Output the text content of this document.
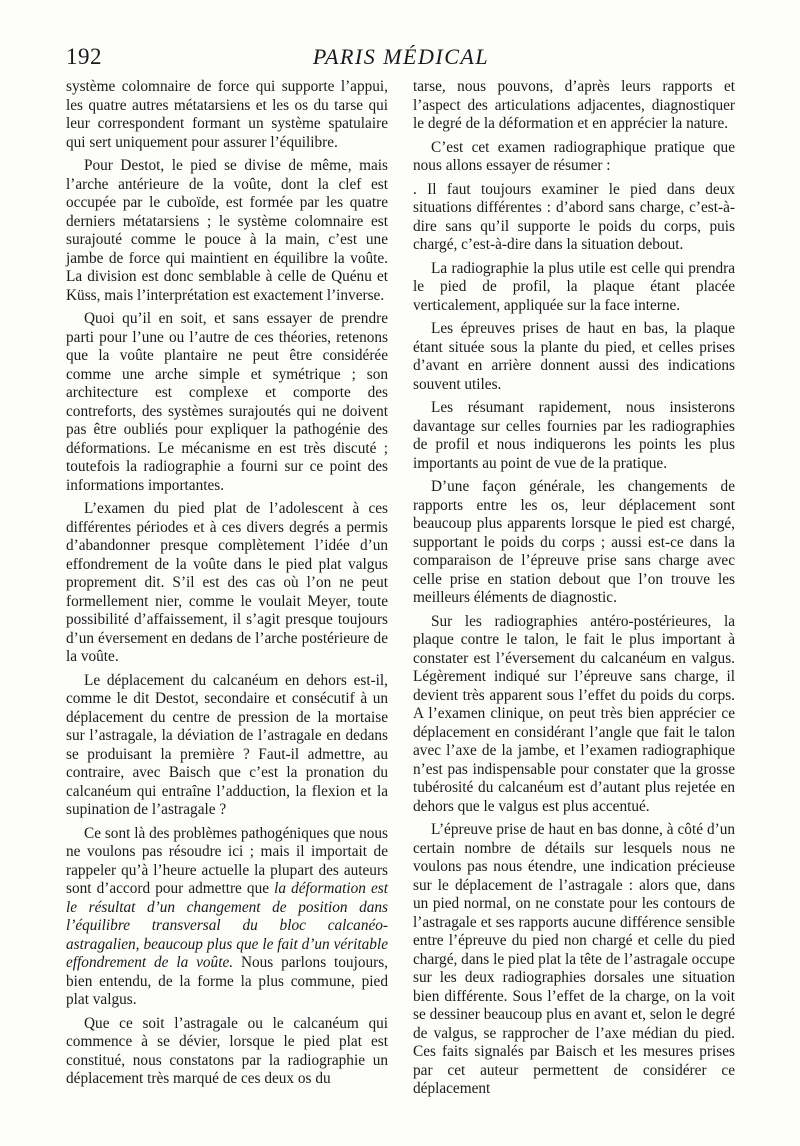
192	PARIS MÉDICAL

système colomnaire de force qui supporte l’appui, les quatre autres métatarsiens et les os du tarse qui leur correspondent formant un système spatulaire qui sert uniquement pour assurer l’équilibre.

Pour Destot, le pied se divise de même, mais l’arche antérieure de la voûte, dont la clef est occupée par le cuboïde, est formée par les quatre derniers métatarsiens ; le système colomnaire est surajouté comme le pouce à la main, c’est une jambe de force qui maintient en équilibre la voûte. La division est donc semblable à celle de Quénu et Küss, mais l’interprétation est exactement l’inverse.

Quoi qu’il en soit, et sans essayer de prendre parti pour l’une ou l’autre de ces théories, retenons que la voûte plantaire ne peut être considérée comme une arche simple et symétrique ; son architecture est complexe et comporte des contreforts, des systèmes surajoutés qui ne doivent pas être oubliés pour expliquer la pathogénie des déformations. Le mécanisme en est très discuté ; toutefois la radiographie a fourni sur ce point des informations importantes.

L’examen du pied plat de l’adolescent à ces différentes périodes et à ces divers degrés a permis d’abandonner presque complètement l’idée d’un effondrement de la voûte dans le pied plat valgus proprement dit. S’il est des cas où l’on ne peut formellement nier, comme le voulait Meyer, toute possibilité d’affaissement, il s’agit presque toujours d’un éversement en dedans de l’arche postérieure de la voûte.

Le déplacement du calcanéum en dehors est-il, comme le dit Destot, secondaire et consécutif à un déplacement du centre de pression de la mortaise sur l’astragale, la déviation de l’astragale en dedans se produisant la première ? Faut-il admettre, au contraire, avec Baisch que c’est la pronation du calcanéum qui entraîne l’adduction, la flexion et la supination de l’astragale ?

Ce sont là des problèmes pathogéniques que nous ne voulons pas résoudre ici ; mais il importait de rappeler qu’à l’heure actuelle la plupart des auteurs sont d’accord pour admettre que la déformation est le résultat d’un changement de position dans l’équilibre transversal du bloc calcanéo-astragalien, beaucoup plus que le fait d’un véritable effondrement de la voûte. Nous parlons toujours, bien entendu, de la forme la plus commune, pied plat valgus.

Que ce soit l’astragale ou le calcanéum qui commence à se dévier, lorsque le pied plat est constitué, nous constatons par la radiographie un déplacement très marqué de ces deux os du

tarse, nous pouvons, d’après leurs rapports et l’aspect des articulations adjacentes, diagnostiquer le degré de la déformation et en apprécier la nature.

C’est cet examen radiographique pratique que nous allons essayer de résumer :

. Il faut toujours examiner le pied dans deux situations différentes : d’abord sans charge, c’est-à-dire sans qu’il supporte le poids du corps, puis chargé, c’est-à-dire dans la situation debout.

La radiographie la plus utile est celle qui prendra le pied de profil, la plaque étant placée verticalement, appliquée sur la face interne.

Les épreuves prises de haut en bas, la plaque étant située sous la plante du pied, et celles prises d’avant en arrière donnent aussi des indications souvent utiles.

Les résumant rapidement, nous insisterons davantage sur celles fournies par les radiographies de profil et nous indiquerons les points les plus importants au point de vue de la pratique.

D’une façon générale, les changements de rapports entre les os, leur déplacement sont beaucoup plus apparents lorsque le pied est chargé, supportant le poids du corps ; aussi est-ce dans la comparaison de l’épreuve prise sans charge avec celle prise en station debout que l’on trouve les meilleurs éléments de diagnostic.

Sur les radiographies antéro-postérieures, la plaque contre le talon, le fait le plus important à constater est l’éversement du calcanéum en valgus. Légèrement indiqué sur l’épreuve sans charge, il devient très apparent sous l’effet du poids du corps. A l’examen clinique, on peut très bien apprécier ce déplacement en considérant l’angle que fait le talon avec l’axe de la jambe, et l’examen radiographique n’est pas indispensable pour constater que la grosse tubérosité du calcanéum est d’autant plus rejetée en dehors que le valgus est plus accentué.

L’épreuve prise de haut en bas donne, à côté d’un certain nombre de détails sur lesquels nous ne voulons pas nous étendre, une indication précieuse sur le déplacement de l’astragale : alors que, dans un pied normal, on ne constate pour les contours de l’astragale et ses rapports aucune différence sensible entre l’épreuve du pied non chargé et celle du pied chargé, dans le pied plat la tête de l’astragale occupe sur les deux radiographies dorsales une situation bien différente. Sous l’effet de la charge, on la voit se dessiner beaucoup plus en avant et, selon le degré de valgus, se rapprocher de l’axe médian du pied. Ces faits signalés par Baisch et les mesures prises par cet auteur permettent de considérer ce déplacement
